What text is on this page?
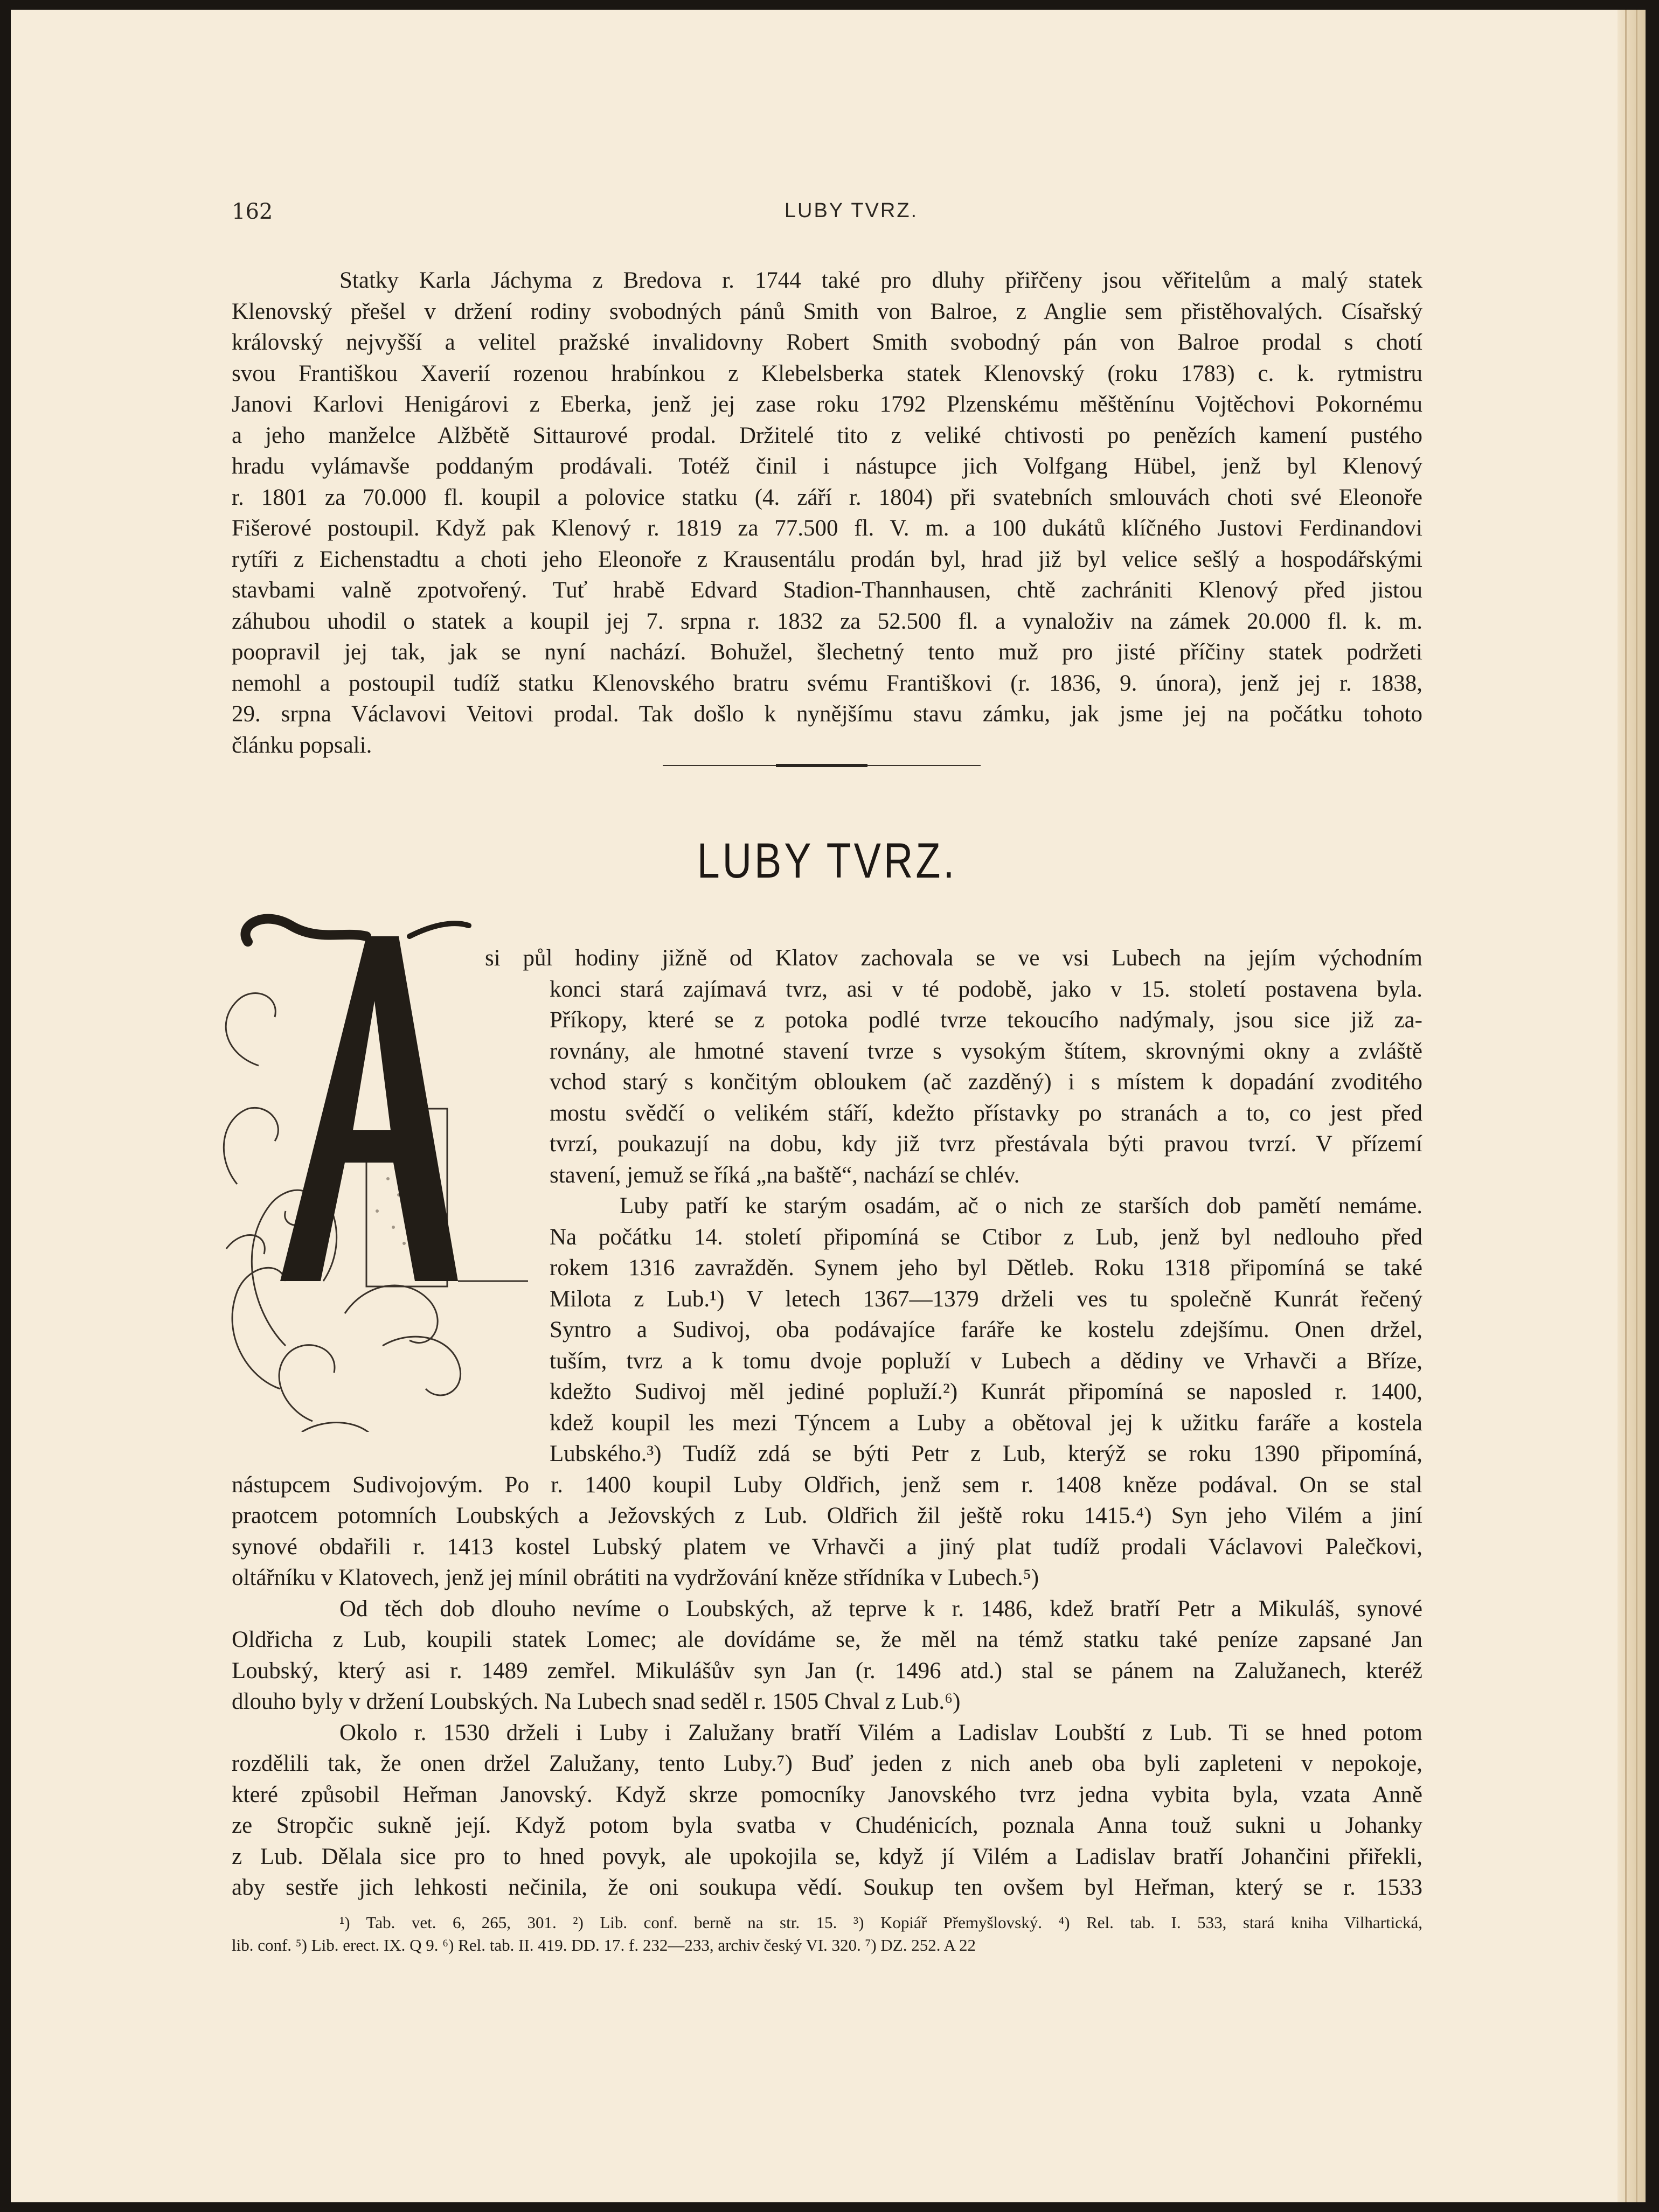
162	LUBY TVRZ.
Statky Karla Jáchyma z Bredova r. 1744 také pro dluhy přiřčeny jsou věřitelům a malý statek
Klenovský přešel v držení rodiny svobodných pánů Smith von Balroe, z Anglie sem přistěhovalých. Císařský
královský nejvyšší a velitel pražské invalidovny Robert Smith svobodný pán von Balroe prodal s chotí
svou Františkou Xaverií rozenou hrabínkou z Klebelsberka statek Klenovský (roku 1783) c. k. rytmistru
Janovi Karlovi Henigárovi z Eberka, jenž jej zase roku 1792 Plzenskému měštěnínu Vojtěchovi Pokornému
a jeho manželce Alžbětě Sittaurové prodal. Držitelé tito z veliké chtivosti po penězích kamení pustého
hradu vylámavše poddaným prodávali. Totéž činil i nástupce jich Volfgang Hübel, jenž byl Klenový
r. 1801 za 70.000 fl. koupil a polovice statku (4. září r. 1804) při svatebních smlouvách choti své Eleonoře
Fišerové postoupil. Když pak Klenový r. 1819 za 77.500 fl. V. m. a 100 dukátů klíčného Justovi Ferdinandovi
rytíři z Eichenstadtu a choti jeho Eleonoře z Krausentálu prodán byl, hrad již byl velice sešlý a hospodářskými
stavbami valně zpotvořený. Tuť hrabě Edvard Stadion-Thannhausen, chtě zachrániti Klenový před jistou
záhubou uhodil o statek a koupil jej 7. srpna r. 1832 za 52.500 fl. a vynaloživ na zámek 20.000 fl. k. m.
poopravil jej tak, jak se nyní nachází. Bohužel, šlechetný tento muž pro jisté příčiny statek podržeti
nemohl a postoupil tudíž statku Klenovského bratru svému Františkovi (r. 1836, 9. února), jenž jej r. 1838,
29. srpna Václavovi Veitovi prodal. Tak došlo k nynějšímu stavu zámku, jak jsme jej na počátku tohoto
článku popsali.
LUBY TVRZ.
si půl hodiny jižně od Klatov zachovala se ve vsi Lubech na jejím východním
konci stará zajímavá tvrz, asi v té podobě, jako v 15. století postavena byla.
Příkopy, které se z potoka podlé tvrze tekoucího nadýmaly, jsou sice již za-
rovnány, ale hmotné stavení tvrze s vysokým štítem, skrovnými okny a zvláště
vchod starý s končitým obloukem (ač zazděný) i s místem k dopadání zvoditého
mostu svědčí o velikém stáří, kdežto přístavky po stranách a to, co jest před
tvrzí, poukazují na dobu, kdy již tvrz přestávala býti pravou tvrzí. V přízemí
stavení, jemuž se říká „na baště“, nachází se chlév.
Luby patří ke starým osadám, ač o nich ze starších dob pamětí nemáme.
Na počátku 14. století připomíná se Ctibor z Lub, jenž byl nedlouho před
rokem 1316 zavražděn. Synem jeho byl Dětleb. Roku 1318 připomíná se také
Milota z Lub.¹) V letech 1367—1379 drželi ves tu společně Kunrát řečený
Syntro a Sudivoj, oba podávajíce faráře ke kostelu zdejšímu. Onen držel,
tuším, tvrz a k tomu dvoje popluží v Lubech a dědiny ve Vrhavči a Bříze,
kdežto Sudivoj měl jediné popluží.²) Kunrát připomíná se naposled r. 1400,
kdež koupil les mezi Týncem a Luby a obětoval jej k užitku faráře a kostela
Lubského.³) Tudíž zdá se býti Petr z Lub, kterýž se roku 1390 připomíná,
nástupcem Sudivojovým. Po r. 1400 koupil Luby Oldřich, jenž sem r. 1408 kněze podával. On se stal
praotcem potomních Loubských a Ježovských z Lub. Oldřich žil ještě roku 1415.⁴) Syn jeho Vilém a jiní
synové obdařili r. 1413 kostel Lubský platem ve Vrhavči a jiný plat tudíž prodali Václavovi Palečkovi,
oltářníku v Klatovech, jenž jej mínil obrátiti na vydržování kněze střídníka v Lubech.⁵)
Od těch dob dlouho nevíme o Loubských, až teprve k r. 1486, kdež bratří Petr a Mikuláš, synové
Oldřicha z Lub, koupili statek Lomec; ale dovídáme se, že měl na témž statku také peníze zapsané Jan
Loubský, který asi r. 1489 zemřel. Mikulášův syn Jan (r. 1496 atd.) stal se pánem na Zalužanech, kteréž
dlouho byly v držení Loubských. Na Lubech snad seděl r. 1505 Chval z Lub.⁶)
Okolo r. 1530 drželi i Luby i Zalužany bratří Vilém a Ladislav Loubští z Lub. Ti se hned potom
rozdělili tak, že onen držel Zalužany, tento Luby.⁷) Buď jeden z nich aneb oba byli zapleteni v nepokoje,
které způsobil Heřman Janovský. Když skrze pomocníky Janovského tvrz jedna vybita byla, vzata Anně
ze Stropčic sukně její. Když potom byla svatba v Chudénicích, poznala Anna touž sukni u Johanky
z Lub. Dělala sice pro to hned povyk, ale upokojila se, když jí Vilém a Ladislav bratří Johančini přiřekli,
aby sestře jich lehkosti nečinila, že oni soukupa vědí. Soukup ten ovšem byl Heřman, který se r. 1533
¹) Tab. vet. 6, 265, 301. ²) Lib. conf. berně na str. 15. ³) Kopiář Přemyšlovský. ⁴) Rel. tab. I. 533, stará kniha Vilhartická,
lib. conf. ⁵) Lib. erect. IX. Q 9. ⁶) Rel. tab. II. 419. DD. 17. f. 232—233, archiv český VI. 320. ⁷) DZ. 252. A 22
